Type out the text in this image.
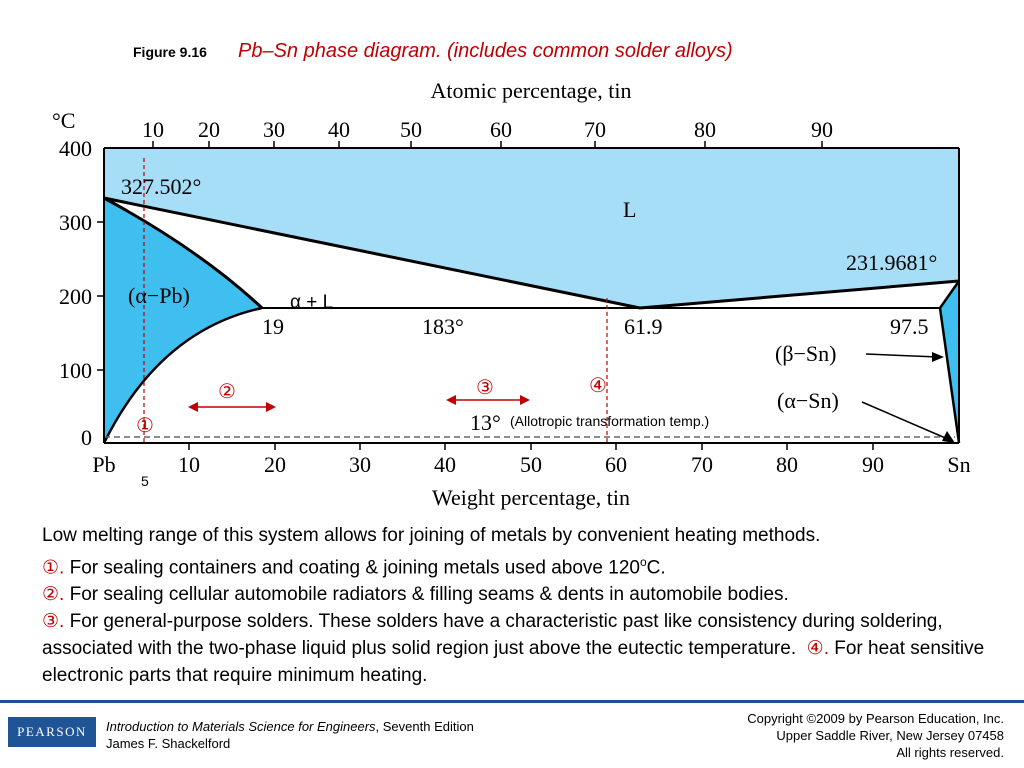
Figure 9.16 Pb–Sn phase diagram. (includes common solder alloys)
Atomic percentage, tin
°C	10 20 30 40 50	60	70	80	90
400
300
200
100
0
Pb	10	20	30	40	50	60	70	80	90	Sn
Weight percentage, tin
327.502°
L
231.9681°
(α−Pb)
19	183°	61.9	97.5
(β−Sn)
(α−Sn)
13°
α + L
(Allotropic transformation temp.)
5
①
②	③	④

Low melting range of this system allows for joining of metals by convenient heating methods.

①. For sealing containers and coating & joining metals used above 120$^o$C.

②. For sealing cellular automobile radiators & filling seams & dents in automobile bodies.

③. For general-purpose solders. These solders have a characteristic past like consistency during soldering, associated with the two-phase liquid plus solid region just above the eutectic temperature. ④. For heat sensitive electronic parts that require minimum heating.

PEARSON	Introduction to Materials Science for Engineers, Seventh Edition
James F. Shackelford
Copyright ©2009 by Pearson Education, Inc.
Upper Saddle River, New Jersey 07458
All rights reserved.
